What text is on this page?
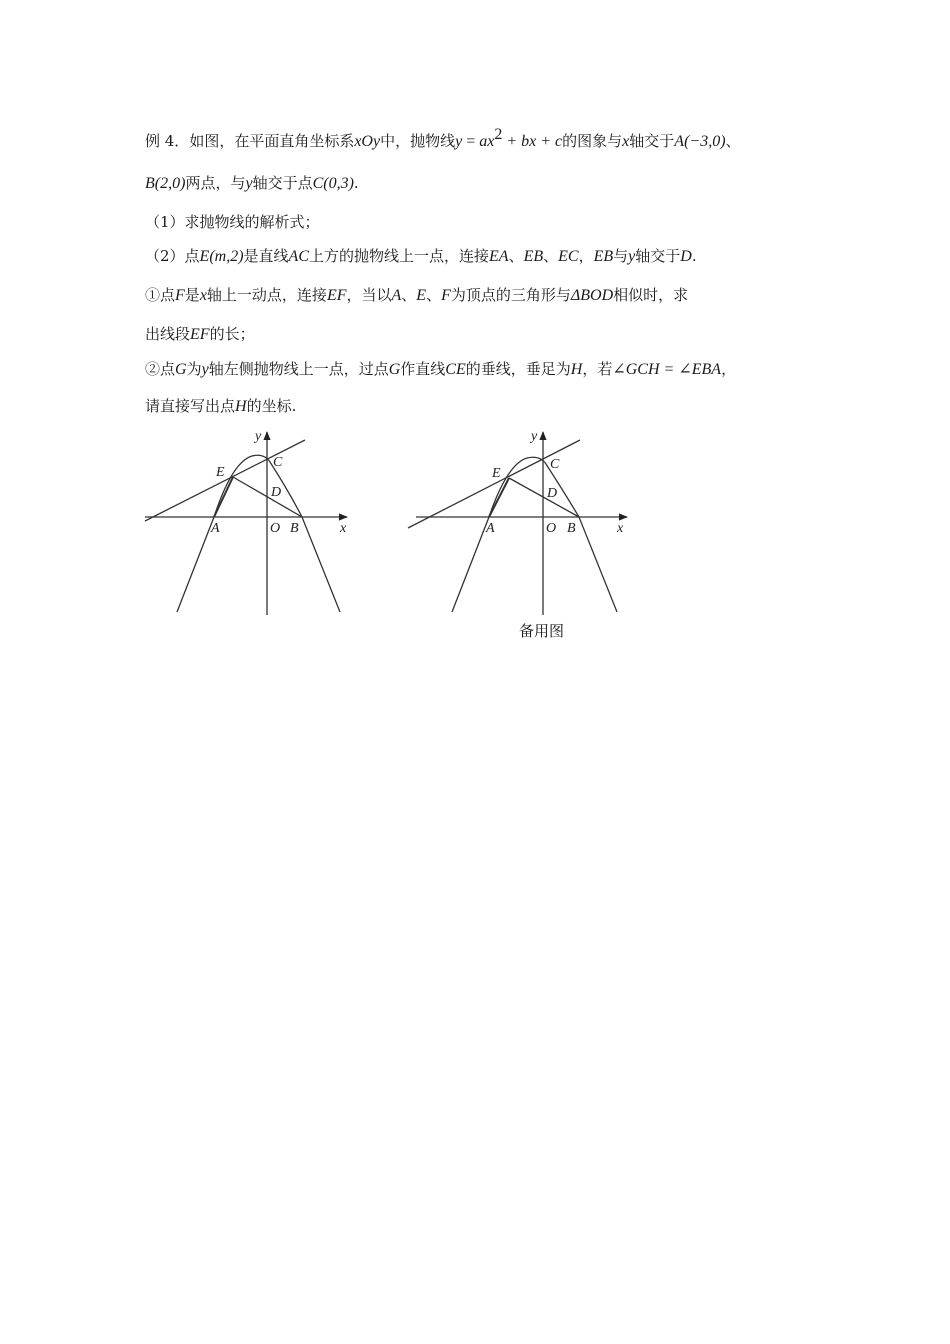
例 4．如图，在平面直角坐标系xOy中，抛物线$y = ax^2$ + bx + c的图象与x轴交于A(−3,0)、
B(2,0)两点，与y轴交于点C(0,3).
（1）求抛物线的解析式；
（2）点E(m,2)是直线AC上方的抛物线上一点，连接EA、EB、EC，EB与y轴交于D.
①点F是x轴上一动点，连接EF，当以A、E、F为顶点的三角形与ΔBOD相似时，求
出线段EF的长；
②点G为y轴左侧抛物线上一点，过点G作直线CE的垂线，垂足为H，若∠GCH = ∠EBA，
请直接写出点H的坐标.
y
C
E
D
A	O B	x
y
C
E
D
A	O B	x
备用图
